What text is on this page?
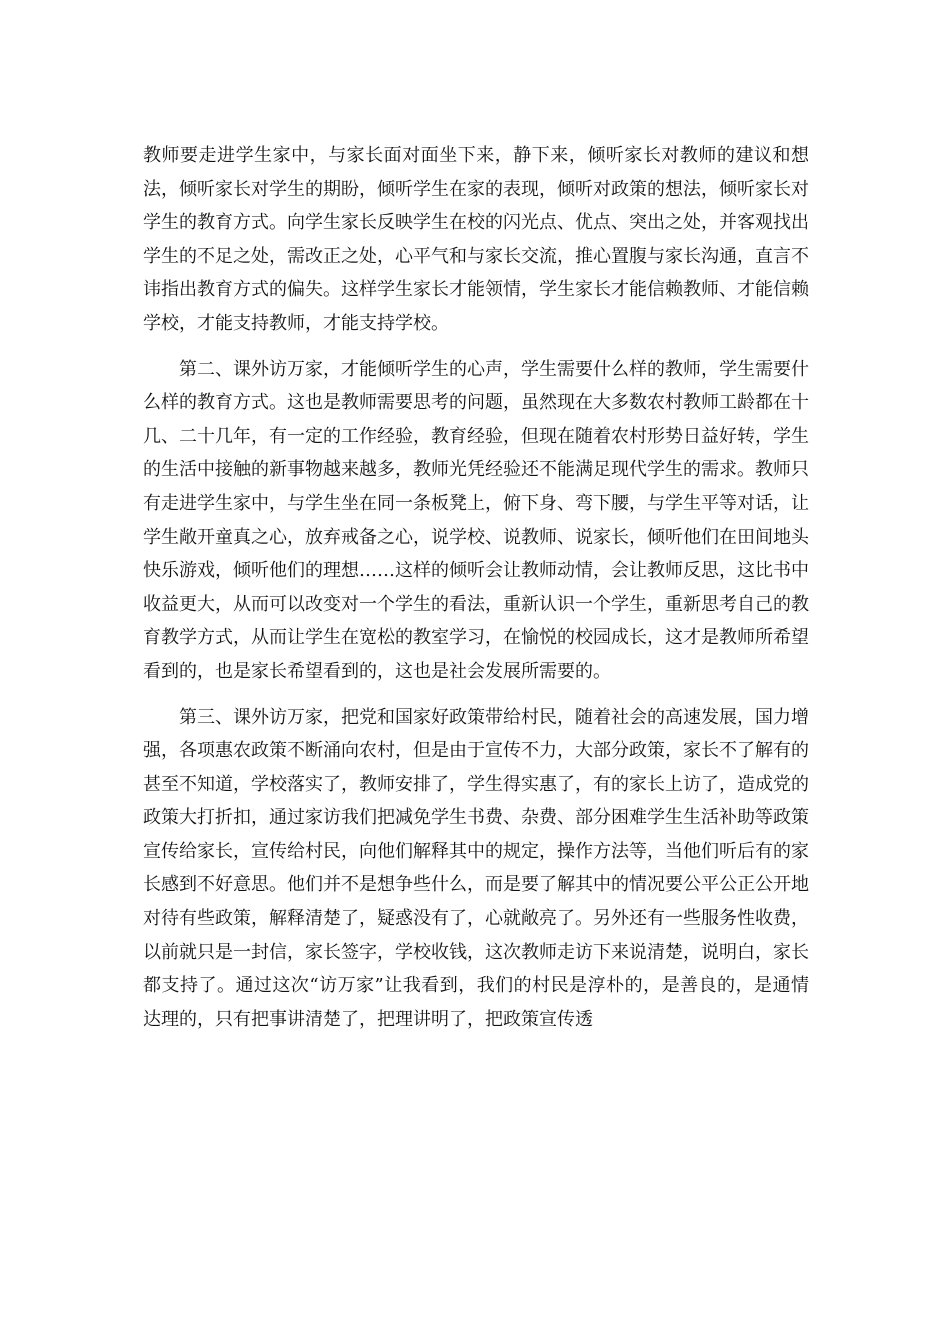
教师要走进学生家中，与家长面对面坐下来，静下来，倾听家长对教师的建议和想法，倾听家长对学生的期盼，倾听学生在家的表现，倾听对政策的想法，倾听家长对学生的教育方式。向学生家长反映学生在校的闪光点、优点、突出之处，并客观找出学生的不足之处，需改正之处，心平气和与家长交流，推心置腹与家长沟通，直言不讳指出教育方式的偏失。这样学生家长才能领情，学生家长才能信赖教师、才能信赖学校，才能支持教师，才能支持学校。

第二、课外访万家，才能倾听学生的心声，学生需要什么样的教师，学生需要什么样的教育方式。这也是教师需要思考的问题，虽然现在大多数农村教师工龄都在十几、二十几年，有一定的工作经验，教育经验，但现在随着农村形势日益好转，学生的生活中接触的新事物越来越多，教师光凭经验还不能满足现代学生的需求。教师只有走进学生家中，与学生坐在同一条板凳上，俯下身、弯下腰，与学生平等对话，让学生敞开童真之心，放弃戒备之心，说学校、说教师、说家长，倾听他们在田间地头快乐游戏，倾听他们的理想……这样的倾听会让教师动情，会让教师反思，这比书中收益更大，从而可以改变对一个学生的看法，重新认识一个学生，重新思考自己的教育教学方式，从而让学生在宽松的教室学习，在愉悦的校园成长，这才是教师所希望看到的，也是家长希望看到的，这也是社会发展所需要的。

第三、课外访万家，把党和国家好政策带给村民，随着社会的高速发展，国力增强，各项惠农政策不断涌向农村，但是由于宣传不力，大部分政策，家长不了解有的甚至不知道，学校落实了，教师安排了，学生得实惠了，有的家长上访了，造成党的政策大打折扣，通过家访我们把减免学生书费、杂费、部分困难学生生活补助等政策宣传给家长，宣传给村民，向他们解释其中的规定，操作方法等，当他们听后有的家长感到不好意思。他们并不是想争些什么，而是要了解其中的情况要公平公正公开地对待有些政策，解释清楚了，疑惑没有了，心就敞亮了。另外还有一些服务性收费，以前就只是一封信，家长签字，学校收钱，这次教师走访下来说清楚，说明白，家长都支持了。通过这次“访万家”让我看到，我们的村民是淳朴的，是善良的，是通情达理的，只有把事讲清楚了，把理讲明了，把政策宣传透
